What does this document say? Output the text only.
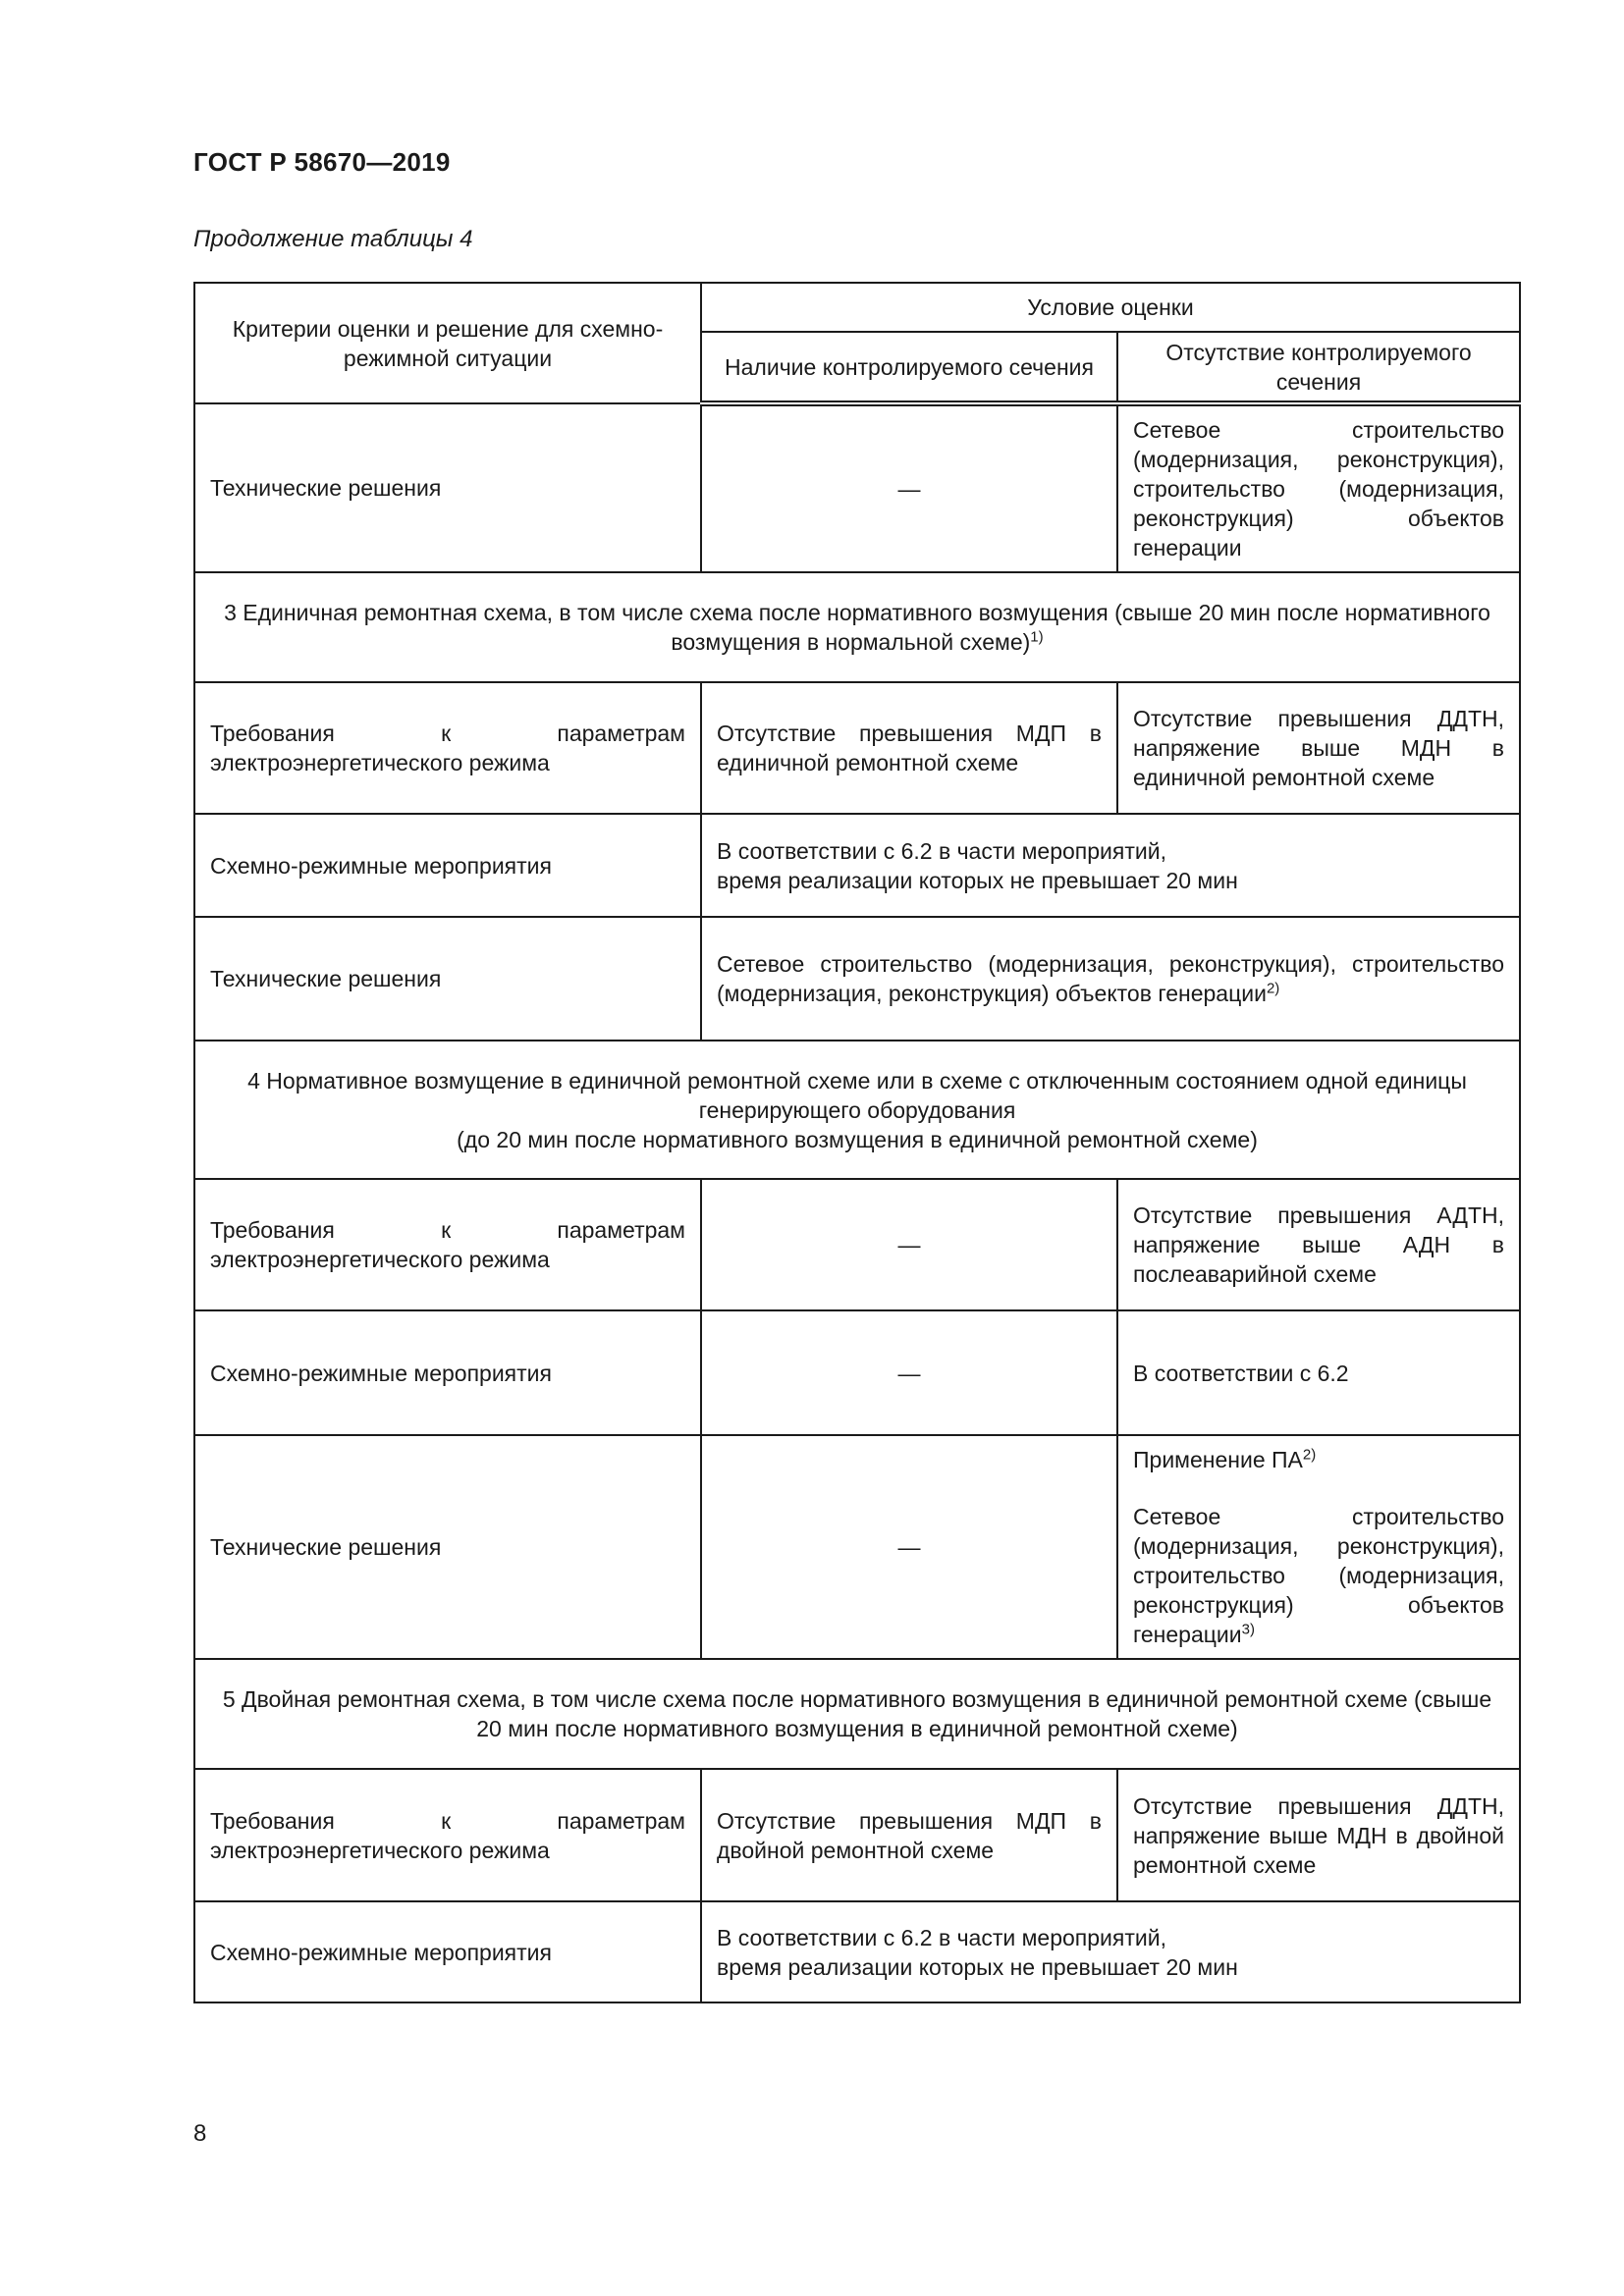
ГОСТ Р 58670—2019
Продолжение таблицы 4
Критерии оценки и решение для схемно-режимной ситуации	Условие оценки	
	Наличие контролируемого сечения	Отсутствие контролируемого сечения
Технические решения	—	Сетевое строительство (модернизация, реконструкция), строительство (модернизация, реконструкция) объектов генерации
3 Единичная ремонтная схема, в том числе схема после нормативного возмущения (свыше 20 мин после нормативного возмущения в нормальной схеме)$^{1)}$
Требования к параметрам электроэнергетического режима	Отсутствие превышения МДП в единичной ремонтной схеме	Отсутствие превышения ДДТН, напряжение выше МДН в единичной ремонтной схеме
Схемно-режимные мероприятия	В соответствии с 6.2 в части мероприятий,
время реализации которых не превышает 20 мин	

Технические решения	Сетевое строительство (модернизация, реконструкция), строительство (модернизация, реконструкция) объектов генерации$^{2)}$

4 Нормативное возмущение в единичной ремонтной схеме или в схеме с отключенным состоянием одной единицы генерирующего оборудования
(до 20 мин после нормативного возмущения в единичной ремонтной схеме)		

Требования к параметрам электроэнергетического режима	—	Отсутствие превышения АДТН, напряжение выше АДН в послеаварийной схеме
Схемно-режимные мероприятия	—	В соответствии с 6.2
Технические решения	—	Применение ПА$^{2)}$
Сетевое строительство (модернизация, реконструкция), строительство (модернизация, реконструкция) объектов генерации$^{3)}$

5 Двойная ремонтная схема, в том числе схема после нормативного возмущения в единичной ремонтной схеме (свыше 20 мин после нормативного возмущения в единичной ремонтной схеме)		
Требования к параметрам электроэнергетического режима	Отсутствие превышения МДП в двойной ремонтной схеме	Отсутствие превышения ДДТН, напряжение выше МДН в двойной ремонтной схеме
Схемно-режимные мероприятия	В соответствии с 6.2 в части мероприятий,
время реализации которых не превышает 20 мин	
8
